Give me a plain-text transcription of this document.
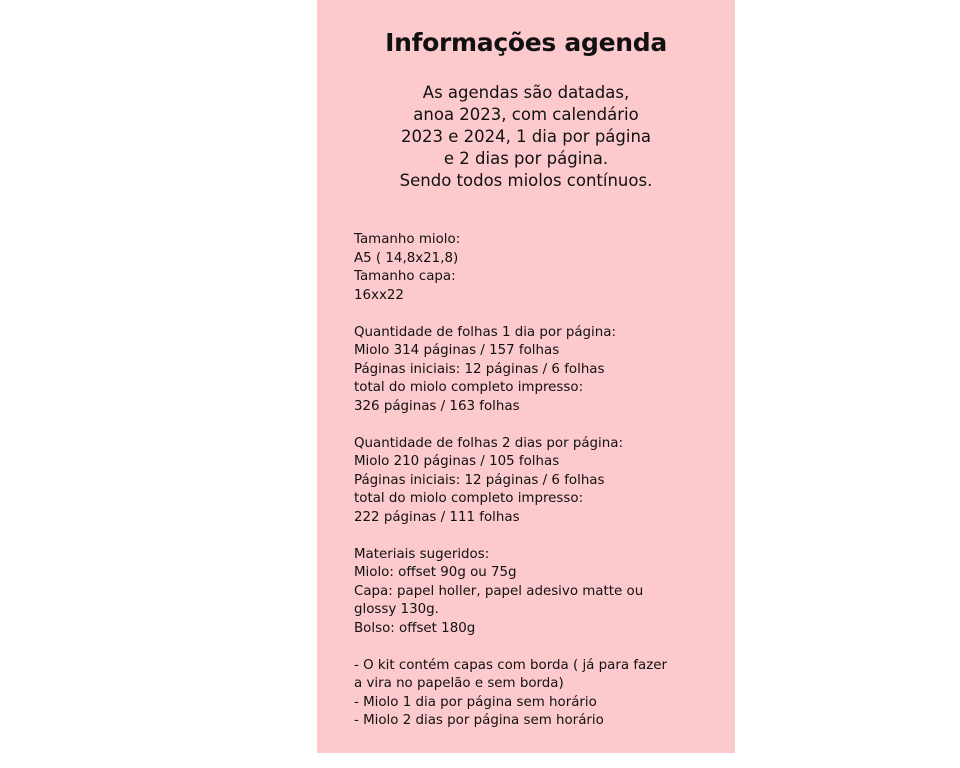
Informações agenda
As agendas são datadas,
anoa 2023, com calendário
2023 e 2024, 1 dia por página
e 2 dias por página.
Sendo todos miolos contínuos.
Tamanho miolo:
A5 ( 14,8x21,8)
Tamanho capa:
16xx22
Quantidade de folhas 1 dia por página:
Miolo 314 páginas / 157 folhas
Páginas iniciais: 12 páginas / 6 folhas
total do miolo completo impresso:
326 páginas / 163 folhas
Quantidade de folhas 2 dias por página:
Miolo 210 páginas / 105 folhas
Páginas iniciais: 12 páginas / 6 folhas
total do miolo completo impresso:
222 páginas / 111 folhas
Materiais sugeridos:
Miolo: offset 90g ou 75g
Capa: papel holler, papel adesivo matte ou
glossy 130g.
Bolso: offset 180g
- O kit contém capas com borda ( já para fazer
a vira no papelão e sem borda)
- Miolo 1 dia por página sem horário
- Miolo 2 dias por página sem horário
